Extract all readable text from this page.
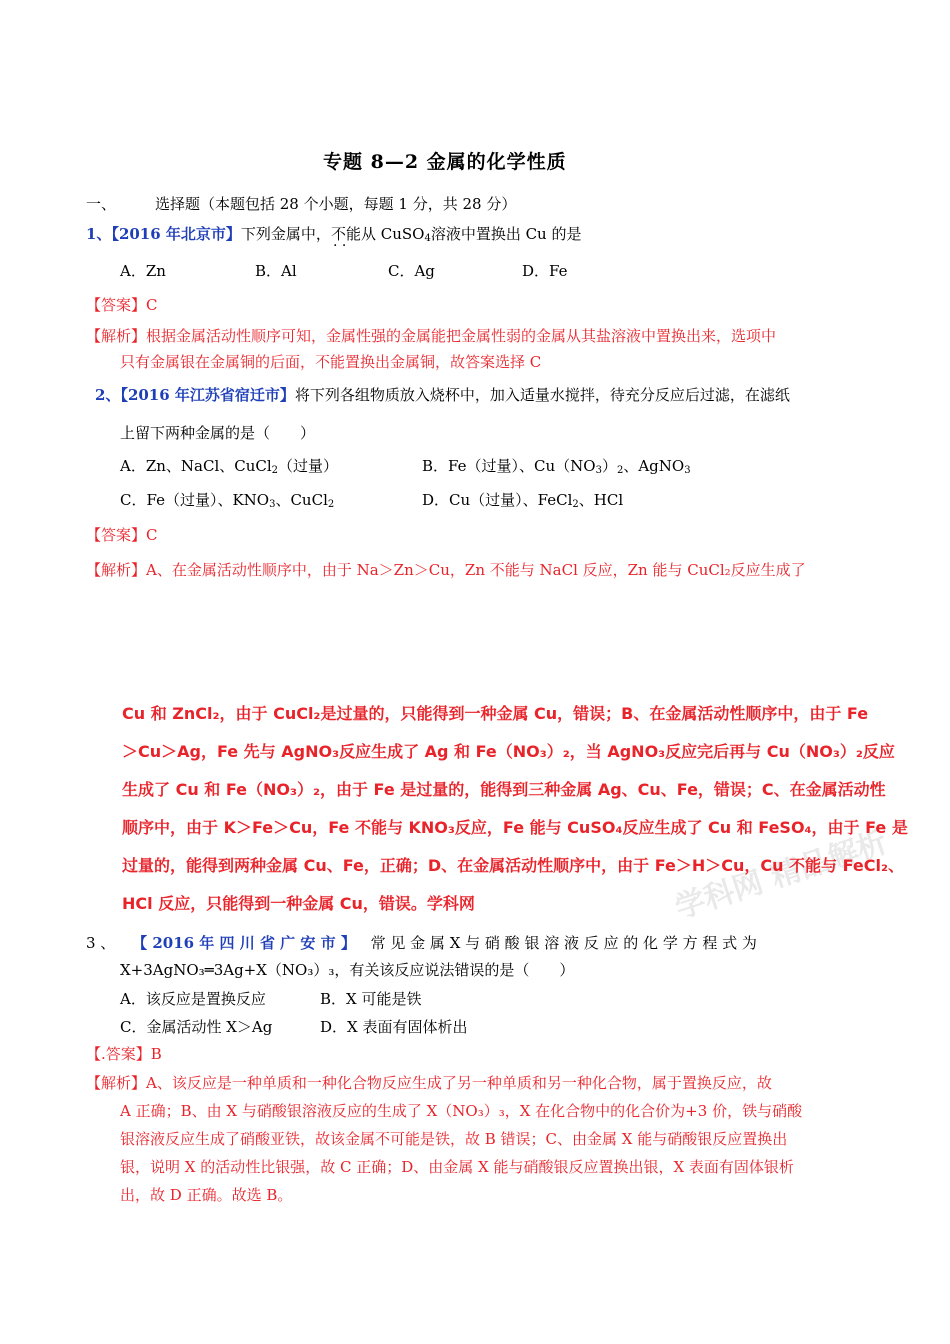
专题 8—2 金属的化学性质
一、	选择题（本题包括 28 个小题，每题 1 分，共 28 分）
1、【2016 年北京市】下列金属中，不能 · ·从 CuSO$_4$溶液中置换出 Cu 的是
A．Zn	B．Al	C．Ag	D．Fe
【答案】C
【解析】根据金属活动性顺序可知，金属性强的金属能把金属性弱的金属从其盐溶液中置换出来，选项中
只有金属银在金属铜的后面，不能置换出金属铜，故答案选择 C
2、【2016 年江苏省宿迁市】将下列各组物质放入烧杯中，加入适量水搅拌，待充分反应后过滤，在滤纸
上留下两种金属的是（　　）
A．Zn、NaCl、CuCl$_2$（过量）	B．Fe（过量）、$Cu(NO_3)_2$、AgNO$_3$
C．Fe（过量）、$KNO_3$、CuCl$_2$	D．Cu（过量）、FeCl$_2$、HCl
【答案】C
【解析】A、在金属活动性顺序中，由于 Na＞Zn＞Cu，Zn 不能与 NaCl 反应，Zn 能与 CuCl₂反应生成了
学科网 精品解析
Cu 和 ZnCl₂，由于 CuCl₂是过量的，只能得到一种金属 Cu，错误；B、在金属活动性顺序中，由于 Fe
＞Cu＞Ag，Fe 先与 AgNO₃反应生成了 Ag 和 Fe（NO₃）₂，当 AgNO₃反应完后再与 Cu（NO₃）₂反应
生成了 Cu 和 Fe（NO₃）₂，由于 Fe 是过量的，能得到三种金属 Ag、Cu、Fe，错误；C、在金属活动性
顺序中，由于 K＞Fe＞Cu，Fe 不能与 KNO₃反应，Fe 能与 CuSO₄反应生成了 Cu 和 FeSO₄，由于 Fe 是
过量的，能得到两种金属 Cu、Fe，正确；D、在金属活动性顺序中，由于 Fe＞H＞Cu，Cu 不能与 FeCl₂、
HCl 反应，只能得到一种金属 Cu，错误。学科网
3 、 【 2016 年 四 川 省 广 安 市 】 常 见 金 属 X 与 硝 酸 银 溶 液 反 应 的 化 学 方 程 式 为
X+3AgNO₃═3Ag+X（NO₃）₃，有关该反应说法错误的是（　　）
A．该反应是置换反应	B．X 可能是铁
C．金属活动性 X＞Ag	D．X 表面有固体析出
【.答案】B
【解析】A、该反应是一种单质和一种化合物反应生成了另一种单质和另一种化合物，属于置换反应，故
A 正确；B、由 X 与硝酸银溶液反应的生成了 X（NO₃）₃，X 在化合物中的化合价为+3 价，铁与硝酸
银溶液反应生成了硝酸亚铁，故该金属不可能是铁，故 B 错误；C、由金属 X 能与硝酸银反应置换出
银，说明 X 的活动性比银强，故 C 正确；D、由金属 X 能与硝酸银反应置换出银，X 表面有固体银析
出，故 D 正确。故选 B。
